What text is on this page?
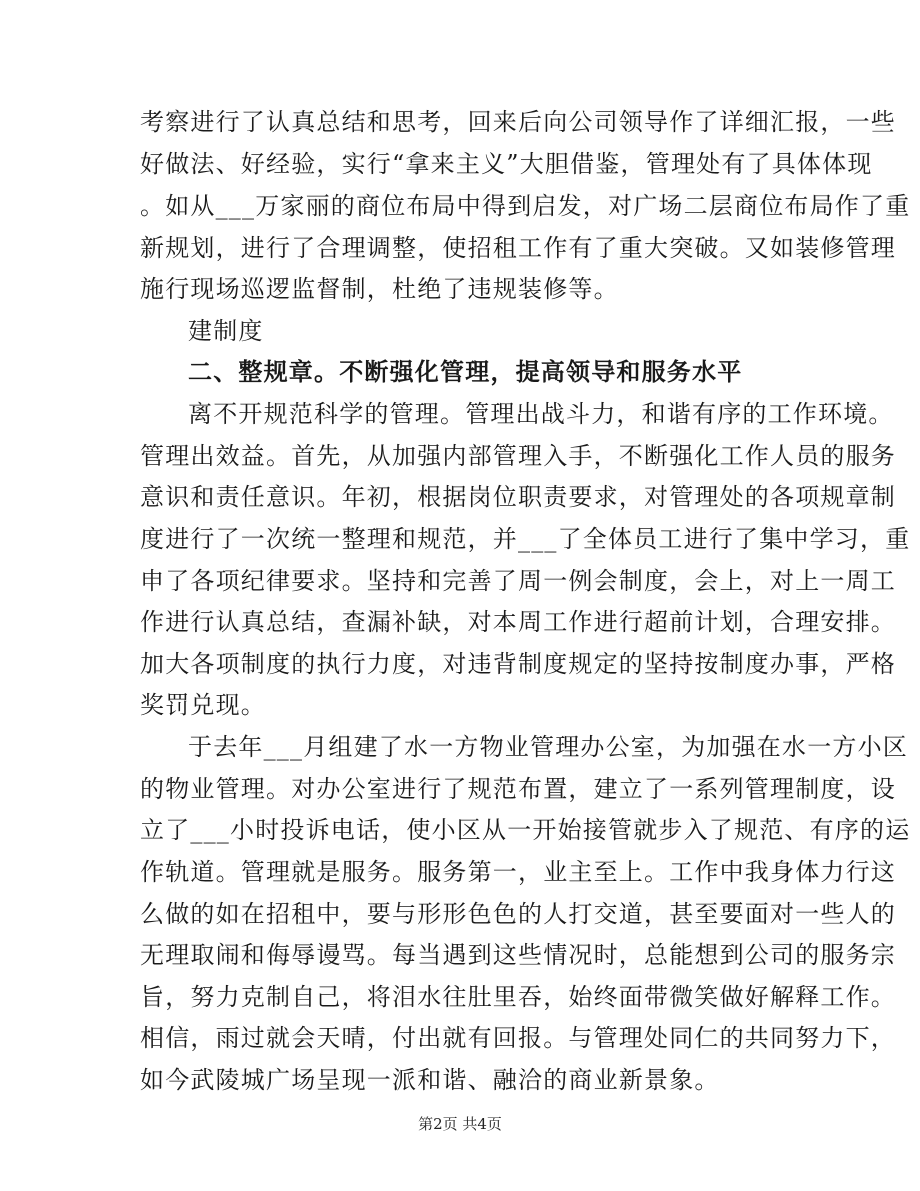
考察进行了认真总结和思考，回来后向公司领导作了详细汇报，一些
好做法、好经验，实行“拿来主义”大胆借鉴，管理处有了具体体现
。如从___万家丽的商位布局中得到启发，对广场二层商位布局作了重
新规划，进行了合理调整，使招租工作有了重大突破。又如装修管理
施行现场巡逻监督制，杜绝了违规装修等。
建制度
二、整规章。不断强化管理，提高领导和服务水平
离不开规范科学的管理。管理出战斗力，和谐有序的工作环境。
管理出效益。首先，从加强内部管理入手，不断强化工作人员的服务
意识和责任意识。年初，根据岗位职责要求，对管理处的各项规章制
度进行了一次统一整理和规范，并___了全体员工进行了集中学习，重
申了各项纪律要求。坚持和完善了周一例会制度，会上，对上一周工
作进行认真总结，查漏补缺，对本周工作进行超前计划，合理安排。
加大各项制度的执行力度，对违背制度规定的坚持按制度办事，严格
奖罚兑现。
于去年___月组建了水一方物业管理办公室，为加强在水一方小区
的物业管理。对办公室进行了规范布置，建立了一系列管理制度，设
立了___小时投诉电话，使小区从一开始接管就步入了规范、有序的运
作轨道。管理就是服务。服务第一，业主至上。工作中我身体力行这
么做的如在招租中，要与形形色色的人打交道，甚至要面对一些人的
无理取闹和侮辱谩骂。每当遇到这些情况时，总能想到公司的服务宗
旨，努力克制自己，将泪水往肚里吞，始终面带微笑做好解释工作。
相信，雨过就会天晴，付出就有回报。与管理处同仁的共同努力下，
如今武陵城广场呈现一派和谐、融洽的商业新景象。
第2页 共4页
